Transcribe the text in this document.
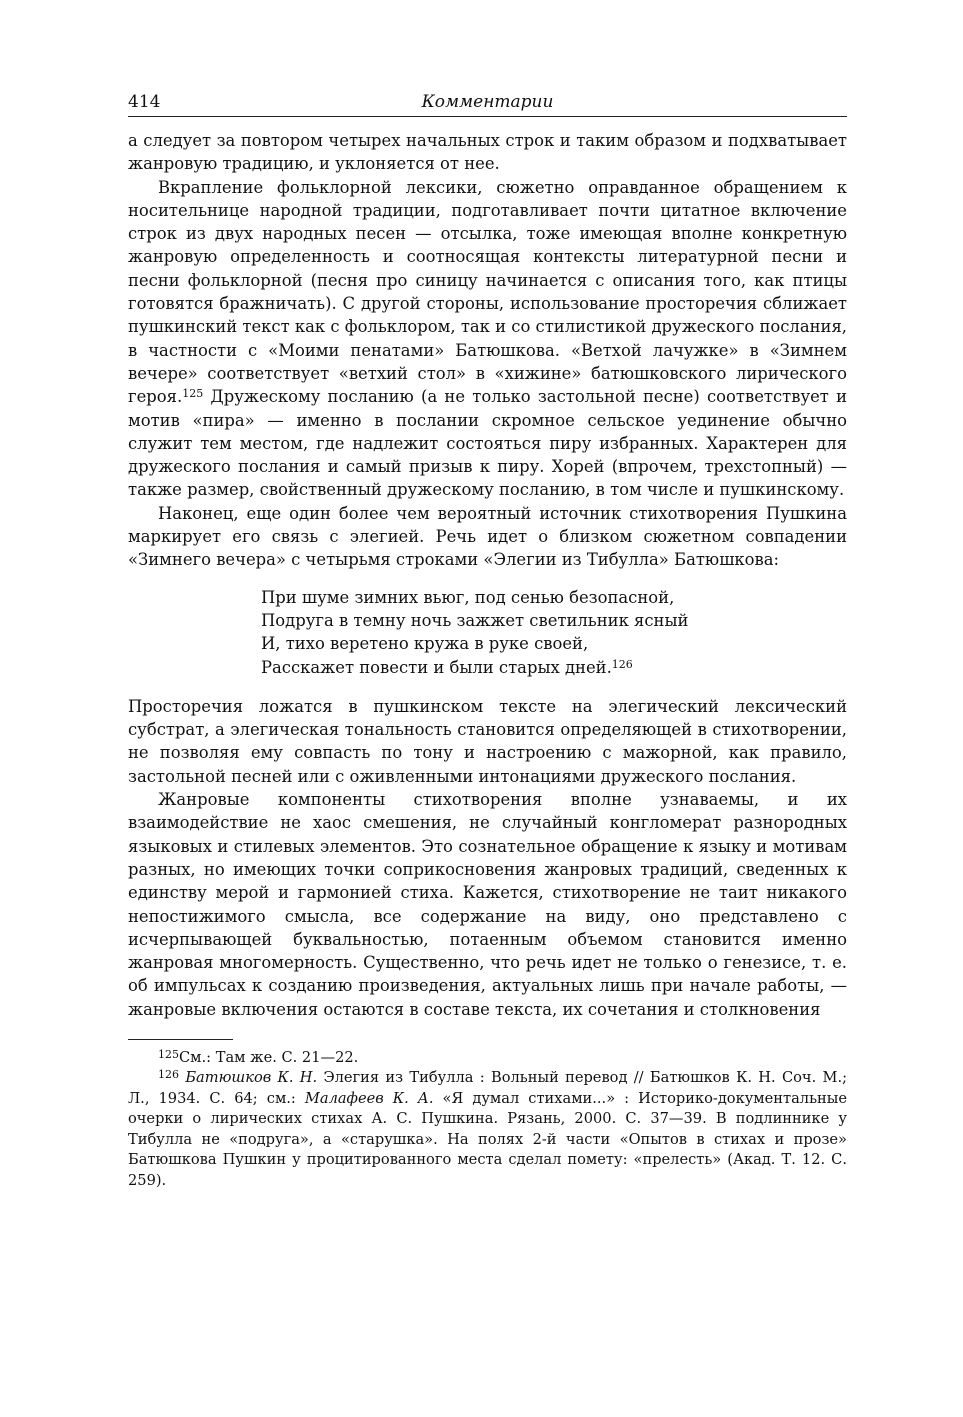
414	Комментарии

а следует за повтором четырех начальных строк и таким образом и подхватывает жанровую традицию, и уклоняется от нее.

Вкрапление фольклорной лексики, сюжетно оправданное обращением к носительнице народной традиции, подготавливает почти цитатное включение строк из двух народных песен — отсылка, тоже имеющая вполне конкретную жанровую определенность и соотносящая контексты литературной песни и песни фольклорной (песня про синицу начинается с описания того, как птицы готовятся бражничать). С другой стороны, использование просторечия сближает пушкинский текст как с фольклором, так и со стилистикой дружеского послания, в частности с «Моими пенатами» Батюшкова. «Ветхой лачужке» в «Зимнем вечере» соответствует «ветхий стол» в «хижине» батюшковского лирического героя.$^{125}$ Дружескому посланию (а не только застольной песне) соответствует и мотив «пира» — именно в послании скромное сельское уединение обычно служит тем местом, где надлежит состояться пиру избранных. Характерен для дружеского послания и самый призыв к пиру. Хорей (впрочем, трехстопный) — также размер, свойственный дружескому посланию, в том числе и пушкинскому.

Наконец, еще один более чем вероятный источник стихотворения Пушкина маркирует его связь с элегией. Речь идет о близком сюжетном совпадении «Зимнего вечера» с четырьмя строками «Элегии из Тибулла» Батюшкова:

При шуме зимних вьюг, под сенью безопасной,
Подруга в темну ночь зажжет светильник ясный
И, тихо веретено кружа в руке своей,
Расскажет повести и были старых дней.$^{126}$

Просторечия ложатся в пушкинском тексте на элегический лексический субстрат, а элегическая тональность становится определяющей в стихотворении, не позволяя ему совпасть по тону и настроению с мажорной, как правило, застольной песней или с оживленными интонациями дружеского послания.

Жанровые компоненты стихотворения вполне узнаваемы, и их взаимодействие не хаос смешения, не случайный конгломерат разнородных языковых и стилевых элементов. Это сознательное обращение к языку и мотивам разных, но имеющих точки соприкосновения жанровых традиций, сведенных к единству мерой и гармонией стиха. Кажется, стихотворение не таит никакого непостижимого смысла, все содержание на виду, оно представлено с исчерпывающей буквальностью, потаенным объемом становится именно жанровая многомерность. Существенно, что речь идет не только о генезисе, т. е. об импульсах к созданию произведения, актуальных лишь при начале работы, — жанровые включения остаются в составе текста, их сочетания и столкновения

$^{125}$См.: Там же. С. 21—22.

$^{126}$ Батюшков К. Н. Элегия из Тибулла : Вольный перевод // Батюшков К. Н. Соч. М.; Л., 1934. С. 64; см.: Малафеев К. А. «Я думал стихами...» : Историко-документальные очерки о лирических стихах А. С. Пушкина. Рязань, 2000. С. 37—39. В подлиннике у Тибулла не «подруга», а «старушка». На полях 2-й части «Опытов в стихах и прозе» Батюшкова Пушкин у процитированного места сделал помету: «прелесть» (Акад. Т. 12. С. 259).
